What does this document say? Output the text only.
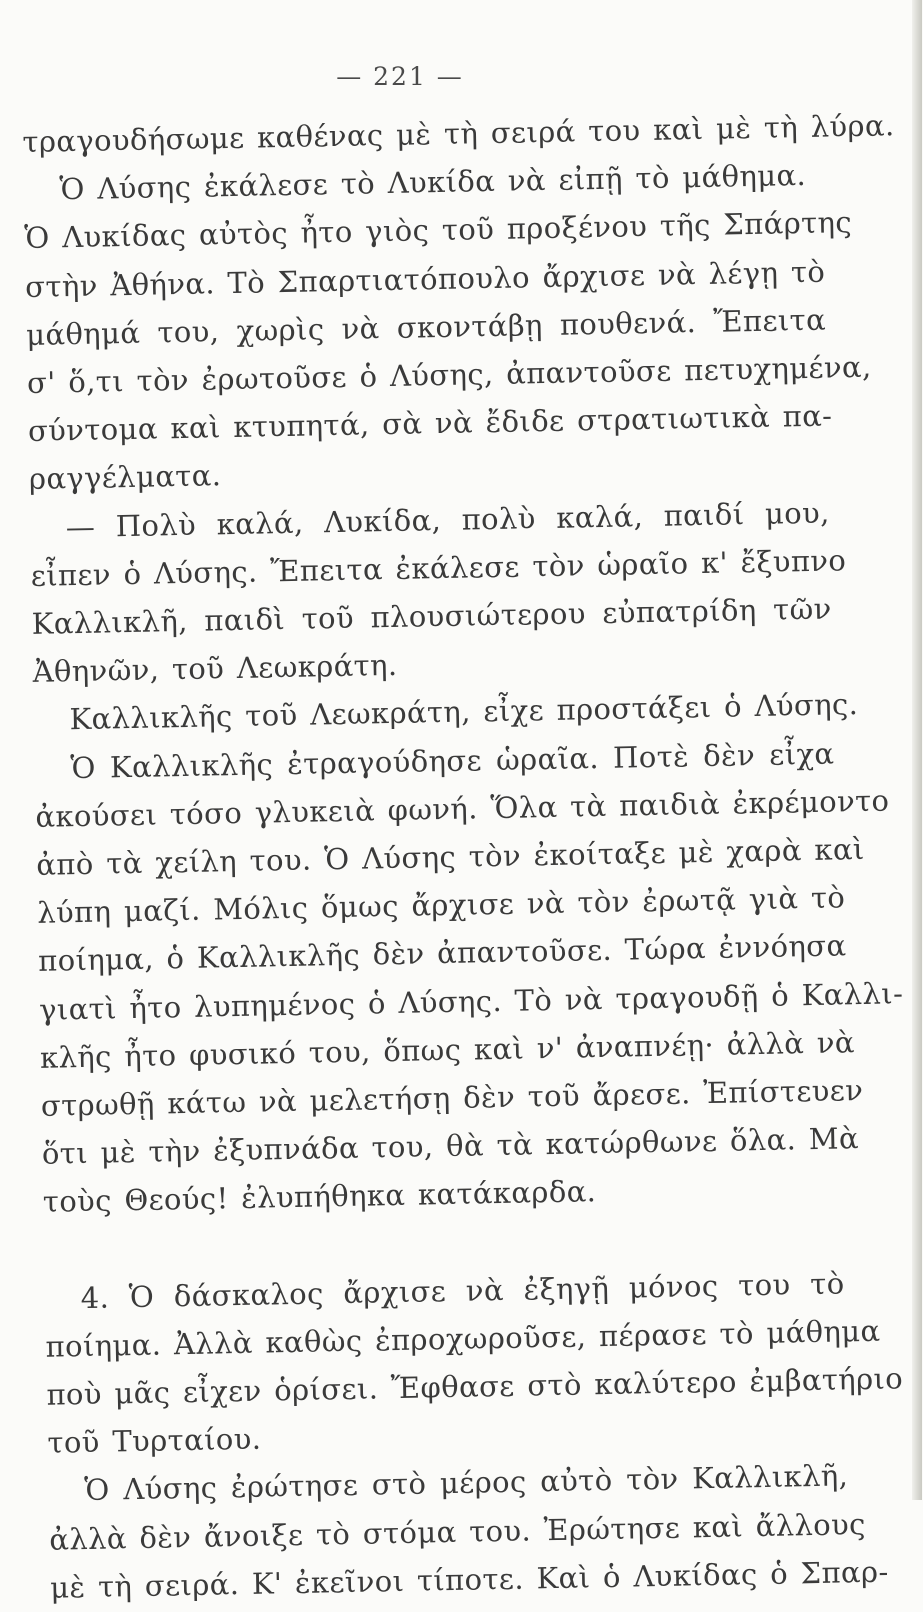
— 221 —
τραγουδήσωμε καθένας μὲ τὴ σειρά του καὶ μὲ τὴ λύρα.
Ὁ Λύσης ἐκάλεσε τὸ Λυκίδα νὰ εἰπῇ τὸ μάθημα.
Ὁ Λυκίδας αὐτὸς ἦτο γιὸς τοῦ προξένου τῆς Σπάρτης
στὴν Ἀθήνα. Τὸ Σπαρτιατόπουλο ἄρχισε νὰ λέγῃ τὸ
μάθημά του, χωρὶς νὰ σκοντάβῃ πουθενά. Ἔπειτα
σ' ὅ,τι τὸν ἐρωτοῦσε ὁ Λύσης, ἀπαντοῦσε πετυχημένα,
σύντομα καὶ κτυπητά, σὰ νὰ ἔδιδε στρατιωτικὰ πα-
ραγγέλματα.
— Πολὺ καλά, Λυκίδα, πολὺ καλά, παιδί μου,
εἶπεν ὁ Λύσης. Ἔπειτα ἐκάλεσε τὸν ὡραῖο κ' ἔξυπνο
Καλλικλῆ, παιδὶ τοῦ πλουσιώτερου εὐπατρίδη τῶν
Ἀθηνῶν, τοῦ Λεωκράτη.
Καλλικλῆς τοῦ Λεωκράτη, εἶχε προστάξει ὁ Λύσης.
Ὁ Καλλικλῆς ἐτραγούδησε ὡραῖα. Ποτὲ δὲν εἶχα
ἀκούσει τόσο γλυκειὰ φωνή. Ὅλα τὰ παιδιὰ ἐκρέμοντο
ἀπὸ τὰ χείλη του. Ὁ Λύσης τὸν ἐκοίταξε μὲ χαρὰ καὶ
λύπη μαζί. Μόλις ὅμως ἄρχισε νὰ τὸν ἐρωτᾷ γιὰ τὸ
ποίημα, ὁ Καλλικλῆς δὲν ἀπαντοῦσε. Τώρα ἐννόησα
γιατὶ ἦτο λυπημένος ὁ Λύσης. Τὸ νὰ τραγουδῇ ὁ Καλλι-
κλῆς ἦτο φυσικό του, ὅπως καὶ ν' ἀναπνέῃ· ἀλλὰ νὰ
στρωθῇ κάτω νὰ μελετήσῃ δὲν τοῦ ἄρεσε. Ἐπίστευεν
ὅτι μὲ τὴν ἐξυπνάδα του, θὰ τὰ κατώρθωνε ὅλα. Μὰ
τοὺς Θεούς! ἐλυπήθηκα κατάκαρδα.
4. Ὁ δάσκαλος ἄρχισε νὰ ἐξηγῇ μόνος του τὸ
ποίημα. Ἀλλὰ καθὼς ἐπροχωροῦσε, πέρασε τὸ μάθημα
ποὺ μᾶς εἶχεν ὁρίσει. Ἔφθασε στὸ καλύτερο ἐμβατήριο
τοῦ Τυρταίου.
Ὁ Λύσης ἐρώτησε στὸ μέρος αὐτὸ τὸν Καλλικλῆ,
ἀλλὰ δὲν ἄνοιξε τὸ στόμα του. Ἐρώτησε καὶ ἄλλους
μὲ τὴ σειρά. Κ' ἐκεῖνοι τίποτε. Καὶ ὁ Λυκίδας ὁ Σπαρ-
